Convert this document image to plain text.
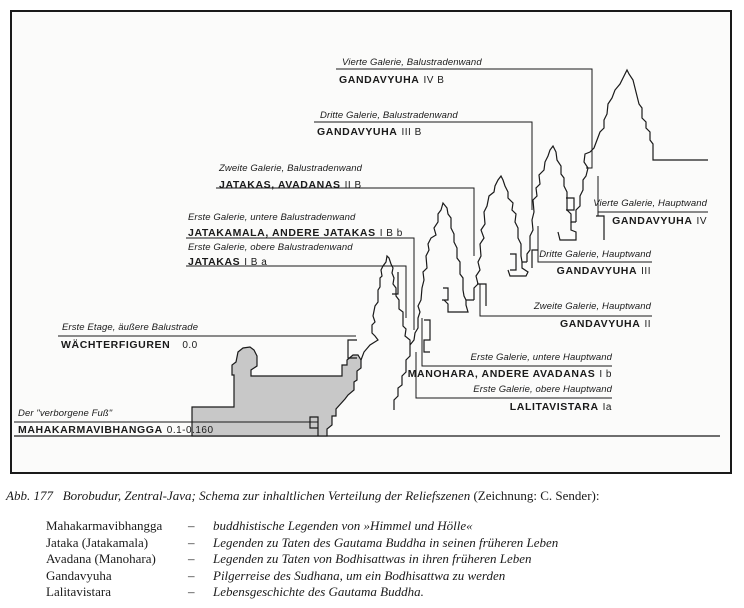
Vierte Galerie, Balustradenwand
GANDAVYUHA IV B
Dritte Galerie, Balustradenwand
GANDAVYUHA III B
Zweite Galerie, Balustradenwand
JATAKAS, AVADANAS II B
Erste Galerie, untere Balustradenwand
JATAKAMALA, ANDERE JATAKAS I B b
Erste Galerie, obere Balustradenwand
JATAKAS I B a
Erste Etage, äußere Balustrade
WÄCHTERFIGUREN 0.0
Der "verborgene Fuß"
MAHAKARMAVIBHANGGA 0.1-0.160
Vierte Galerie, Hauptwand
GANDAVYUHA IV
Dritte Galerie, Hauptwand
GANDAVYUHA III
Zweite Galerie, Hauptwand
GANDAVYUHA II
Erste Galerie, untere Hauptwand
MANOHARA, ANDERE AVADANAS I b
Erste Galerie, obere Hauptwand
LALITAVISTARA Ia
Abb. 177 Borobudur, Zentral-Java; Schema zur inhaltlichen Verteilung der Reliefszenen (Zeichnung: C. Sender):
Mahakarmavibhangga – buddhistische Legenden von »Himmel und Hölle«
Jataka (Jatakamala)	– Legenden zu Taten des Gautama Buddha in seinen früheren Leben
Avadana (Manohara) – Legenden zu Taten von Bodhisattwas in ihren früheren Leben
Gandavyuha	– Pilgerreise des Sudhana, um ein Bodhisattwa zu werden
Lalitavistara	– Lebensgeschichte des Gautama Buddha.
